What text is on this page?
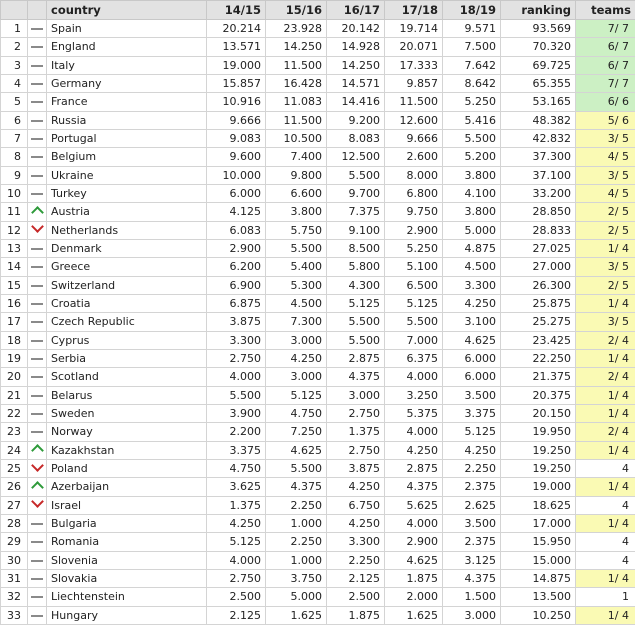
		country	14/15	15/16	16/17	17/18	18/19	ranking	teams
1		Spain	20.214	23.928	20.142	19.714	9.571	93.569	7/ 7
2		England	13.571	14.250	14.928	20.071	7.500	70.320	6/ 7
3		Italy	19.000	11.500	14.250	17.333	7.642	69.725	6/ 7
4		Germany	15.857	16.428	14.571	9.857	8.642	65.355	7/ 7
5		France	10.916	11.083	14.416	11.500	5.250	53.165	6/ 6
6		Russia	9.666	11.500	9.200	12.600	5.416	48.382	5/ 6
7		Portugal	9.083	10.500	8.083	9.666	5.500	42.832	3/ 5
8		Belgium	9.600	7.400	12.500	2.600	5.200	37.300	4/ 5
9		Ukraine	10.000	9.800	5.500	8.000	3.800	37.100	3/ 5
10		Turkey	6.000	6.600	9.700	6.800	4.100	33.200	4/ 5
11		Austria	4.125	3.800	7.375	9.750	3.800	28.850	2/ 5
12		Netherlands	6.083	5.750	9.100	2.900	5.000	28.833	2/ 5
13		Denmark	2.900	5.500	8.500	5.250	4.875	27.025	1/ 4
14		Greece	6.200	5.400	5.800	5.100	4.500	27.000	3/ 5
15		Switzerland	6.900	5.300	4.300	6.500	3.300	26.300	2/ 5
16		Croatia	6.875	4.500	5.125	5.125	4.250	25.875	1/ 4
17		Czech Republic	3.875	7.300	5.500	5.500	3.100	25.275	3/ 5
18		Cyprus	3.300	3.000	5.500	7.000	4.625	23.425	2/ 4
19		Serbia	2.750	4.250	2.875	6.375	6.000	22.250	1/ 4
20		Scotland	4.000	3.000	4.375	4.000	6.000	21.375	2/ 4
21		Belarus	5.500	5.125	3.000	3.250	3.500	20.375	1/ 4
22		Sweden	3.900	4.750	2.750	5.375	3.375	20.150	1/ 4
23		Norway	2.200	7.250	1.375	4.000	5.125	19.950	2/ 4
24		Kazakhstan	3.375	4.625	2.750	4.250	4.250	19.250	1/ 4
25		Poland	4.750	5.500	3.875	2.875	2.250	19.250	4
26		Azerbaijan	3.625	4.375	4.250	4.375	2.375	19.000	1/ 4
27		Israel	1.375	2.250	6.750	5.625	2.625	18.625	4
28		Bulgaria	4.250	1.000	4.250	4.000	3.500	17.000	1/ 4
29		Romania	5.125	2.250	3.300	2.900	2.375	15.950	4
30		Slovenia	4.000	1.000	2.250	4.625	3.125	15.000	4
31		Slovakia	2.750	3.750	2.125	1.875	4.375	14.875	1/ 4
32		Liechtenstein	2.500	5.000	2.500	2.000	1.500	13.500	1
33		Hungary	2.125	1.625	1.875	1.625	3.000	10.250	1/ 4
